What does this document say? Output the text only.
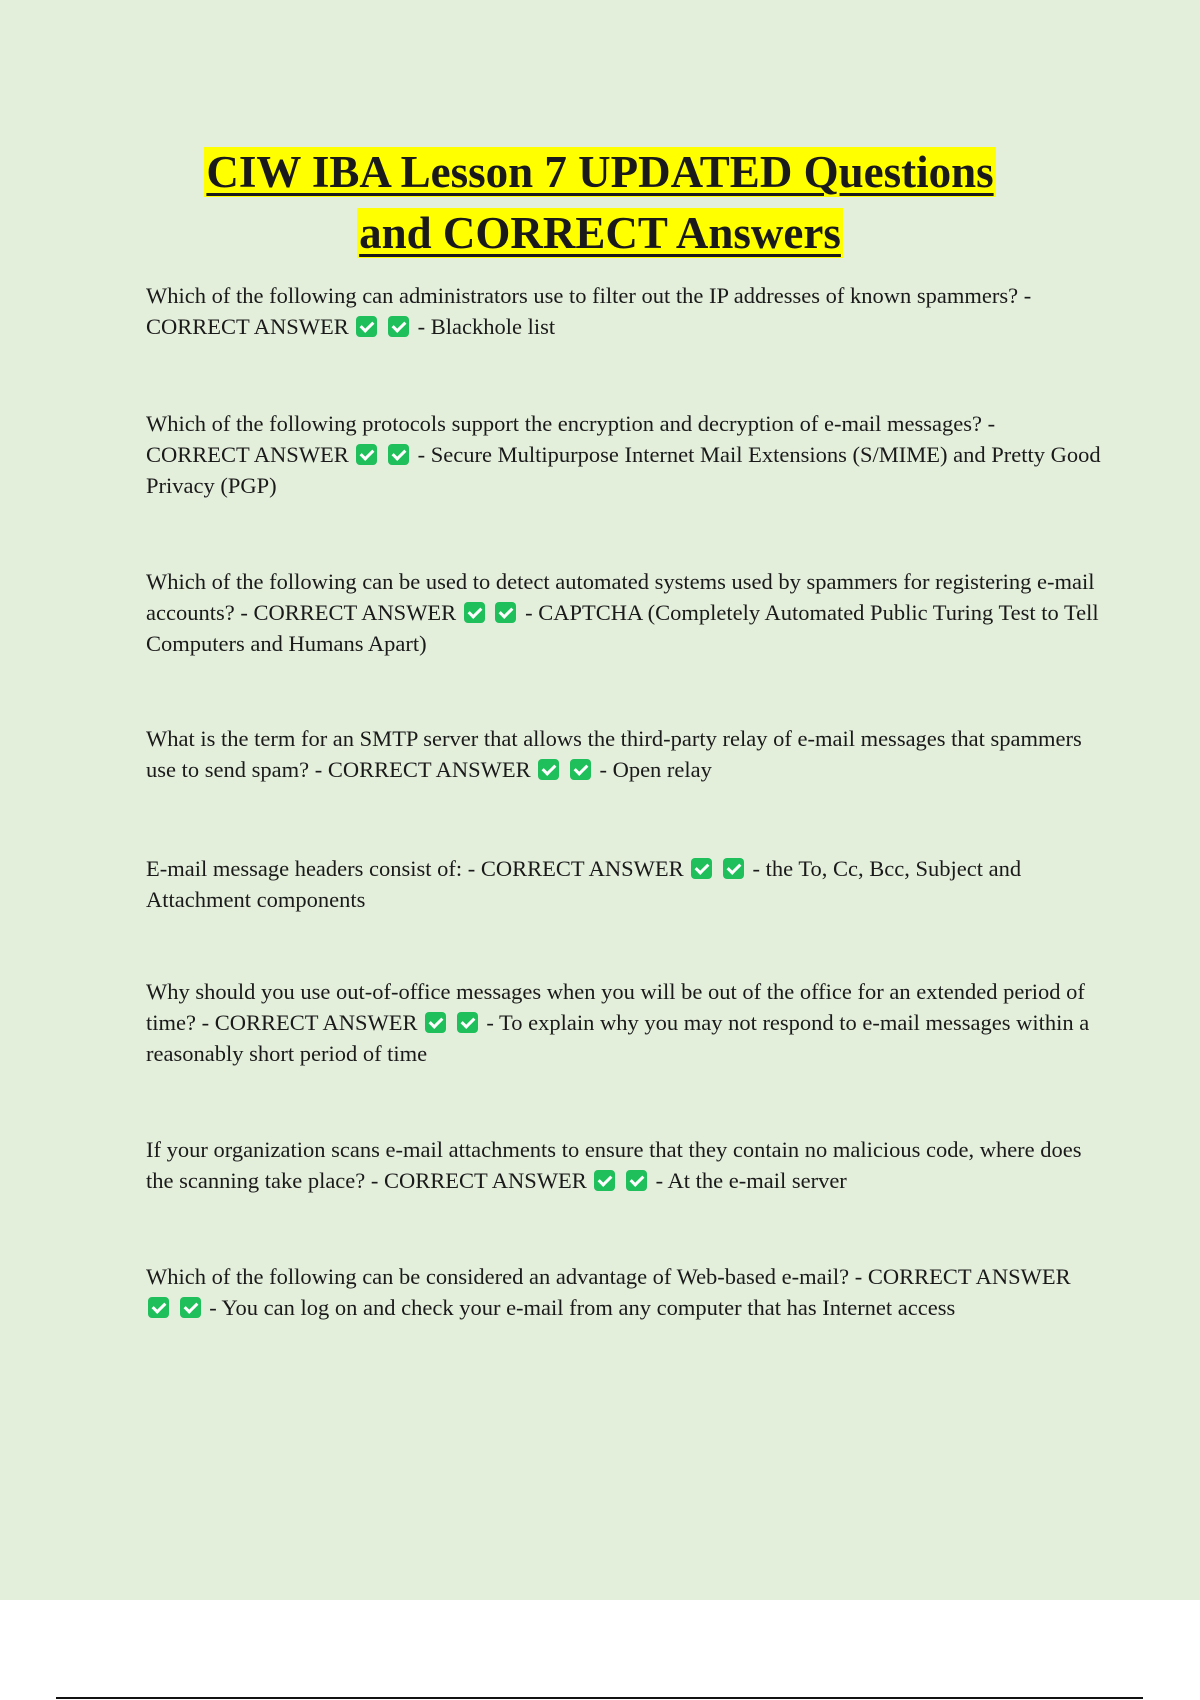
CIW IBA Lesson 7 UPDATED Questions
and CORRECT Answers

Which of the following can administrators use to filter out the IP addresses of known spammers? - CORRECT ANSWER	- Blackhole list

Which of the following protocols support the encryption and decryption of e-mail messages? - CORRECT ANSWER	- Secure Multipurpose Internet Mail Extensions (S/MIME) and Pretty Good Privacy (PGP)

Which of the following can be used to detect automated systems used by spammers for registering e-mail accounts? - CORRECT ANSWER	- CAPTCHA (Completely Automated Public Turing Test to Tell Computers and Humans Apart)

What is the term for an SMTP server that allows the third-party relay of e-mail messages that spammers use to send spam? - CORRECT ANSWER	- Open relay

E-mail message headers consist of: - CORRECT ANSWER	- the To, Cc, Bcc, Subject and Attachment components

Why should you use out-of-office messages when you will be out of the office for an extended period of time? - CORRECT ANSWER	- To explain why you may not respond to e-mail messages within a reasonably short period of time

If your organization scans e-mail attachments to ensure that they contain no malicious code, where does the scanning take place? - CORRECT ANSWER	- At the e-mail server

Which of the following can be considered an advantage of Web-based e-mail? - CORRECT ANSWER   - You can log on and check your e-mail from any computer that has Internet access
